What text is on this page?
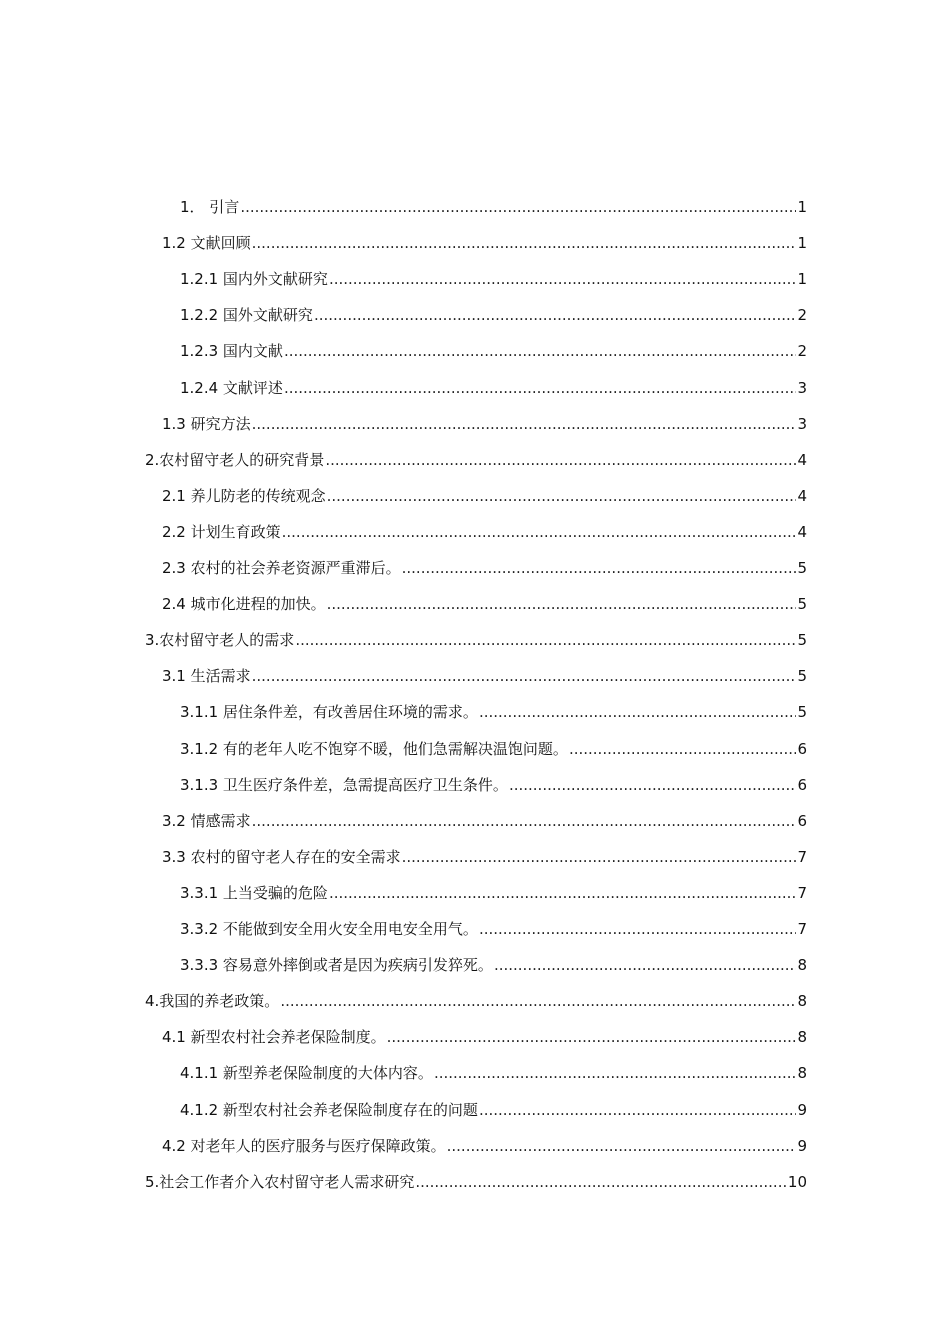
1． 引言 .....	1
1.2 文献回顾 .....	1
1.2.1 国内外文献研究 .....	1
1.2.2 国外文献研究 .....	2
1.2.3 国内文献 .....	2
1.2.4 文献评述 .....	3
1.3 研究方法 .....	3
2.农村留守老人的研究背景 .....	4
2.1 养儿防老的传统观念 .....	4
2.2 计划生育政策 .....	4
2.3 农村的社会养老资源严重滞后。 .....	5
2.4 城市化进程的加快。 .....	5
3.农村留守老人的需求 .....	5
3.1 生活需求 .....	5
3.1.1 居住条件差，有改善居住环境的需求。 .....	5
3.1.2 有的老年人吃不饱穿不暖，他们急需解决温饱问题。 .....	6
3.1.3 卫生医疗条件差，急需提高医疗卫生条件。 .....	6
3.2 情感需求 .....	6
3.3 农村的留守老人存在的安全需求 .....	7
3.3.1 上当受骗的危险 .....	7
3.3.2 不能做到安全用火安全用电安全用气。 .....	7
3.3.3 容易意外摔倒或者是因为疾病引发猝死。 .....	8
4.我国的养老政策。 .....	8
4.1 新型农村社会养老保险制度。 .....	8
4.1.1 新型养老保险制度的大体内容。 .....	8
4.1.2 新型农村社会养老保险制度存在的问题 .....	9
4.2 对老年人的医疗服务与医疗保障政策。 .....	9
5.社会工作者介入农村留守老人需求研究 .....	10
